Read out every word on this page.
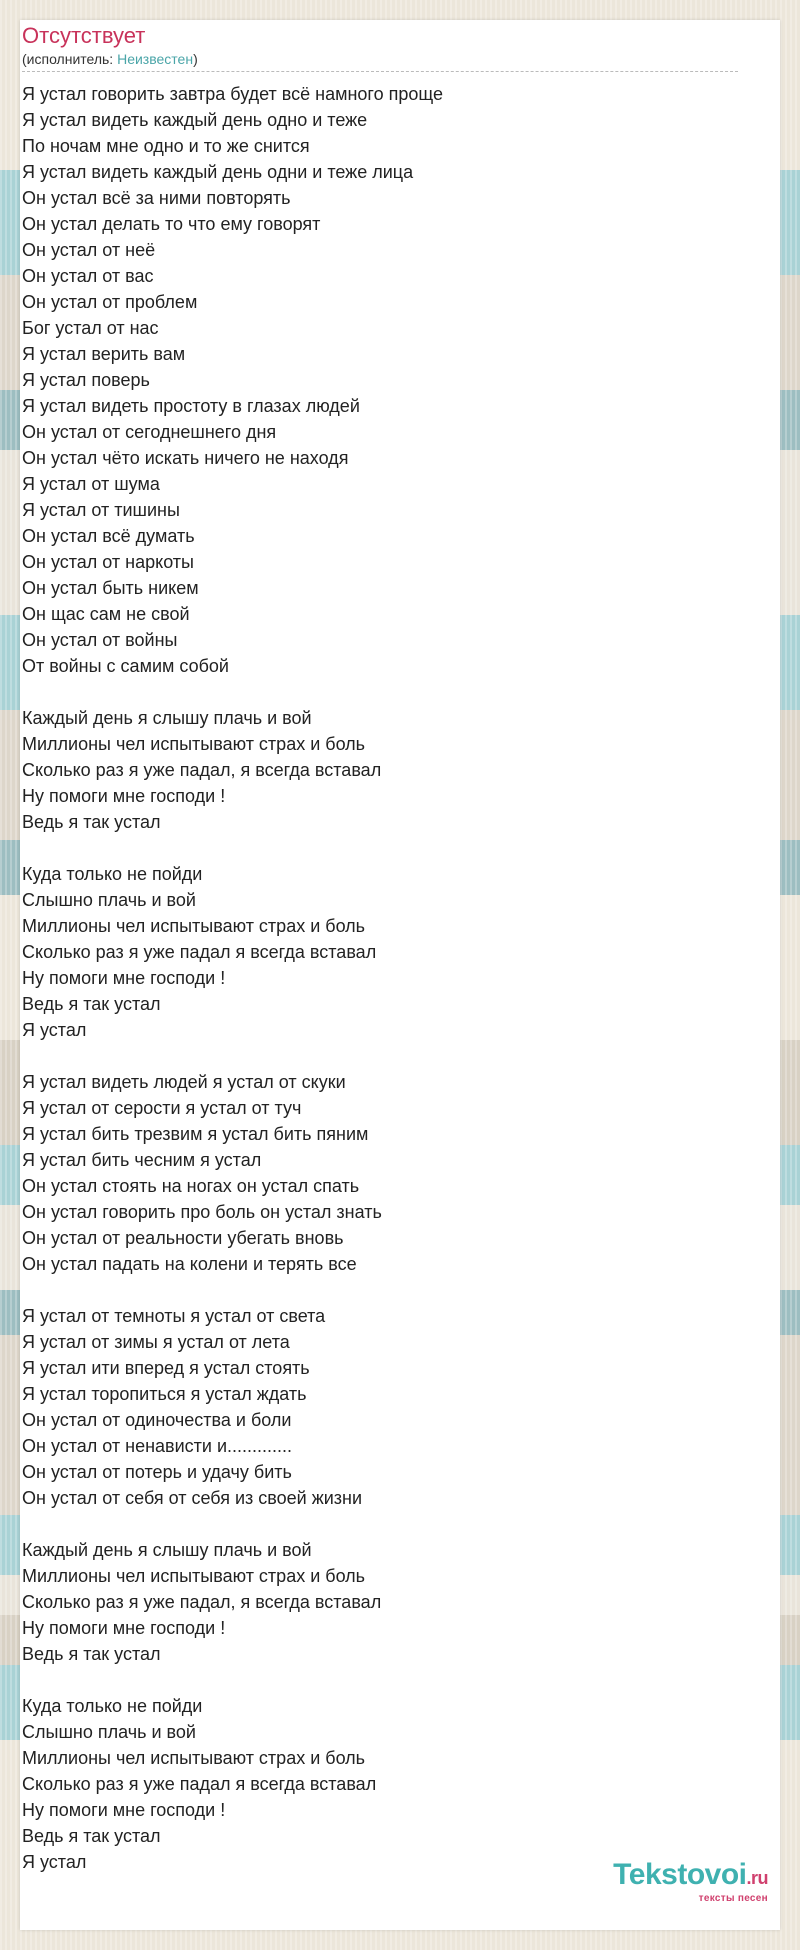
Отсутствует
(исполнитель: Неизвестен)
Я устал говорить завтра будет всё намного проще
Я устал видеть каждый день одно и теже
По ночам мне одно и то же снится
Я устал видеть каждый день одни и теже лица
Он устал всё за ними повторять
Он устал делать то что ему говорят
Он устал от неё
Он устал от вас
Он устал от проблем
Бог устал от нас
Я устал верить вам
Я устал поверь
Я устал видеть простоту в глазах людей
Он устал от сегоднешнего дня
Он устал чёто искать ничего не находя
Я устал от шума
Я устал от тишины
Он устал всё думать
Он устал от наркоты
Он устал быть никем
Он щас сам не свой
Он устал от войны
От войны с самим собой
Каждый день я слышу плачь и вой
Миллионы чел испытывают страх и боль
Сколько раз я уже падал, я всегда вставал
Ну помоги мне господи !
Ведь я так устал
Куда только не пойди
Слышно плачь и вой
Миллионы чел испытывают страх и боль
Сколько раз я уже падал я всегда вставал
Ну помоги мне господи !
Ведь я так устал
Я устал
Я устал видеть людей я устал от скуки
Я устал от серости я устал от туч
Я устал бить трезвим я устал бить пяним
Я устал бить чесним я устал
Он устал стоять на ногах он устал спать
Он устал говорить про боль он устал знать
Он устал от реальности убегать вновь
Он устал падать на колени и терять все
Я устал от темноты я устал от света
Я устал от зимы я устал от лета
Я устал ити вперед я устал стоять
Я устал торопиться я устал ждать
Он устал от одиночества и боли
Он устал от ненависти и.............
Он устал от потерь и удачу бить
Он устал от себя от себя из своей жизни
Каждый день я слышу плачь и вой
Миллионы чел испытывают страх и боль
Сколько раз я уже падал, я всегда вставал
Ну помоги мне господи !
Ведь я так устал
Куда только не пойди
Слышно плачь и вой
Миллионы чел испытывают страх и боль
Сколько раз я уже падал я всегда вставал
Ну помоги мне господи !
Ведь я так устал
Я устал	Tekstovoi.ru
тексты песен
